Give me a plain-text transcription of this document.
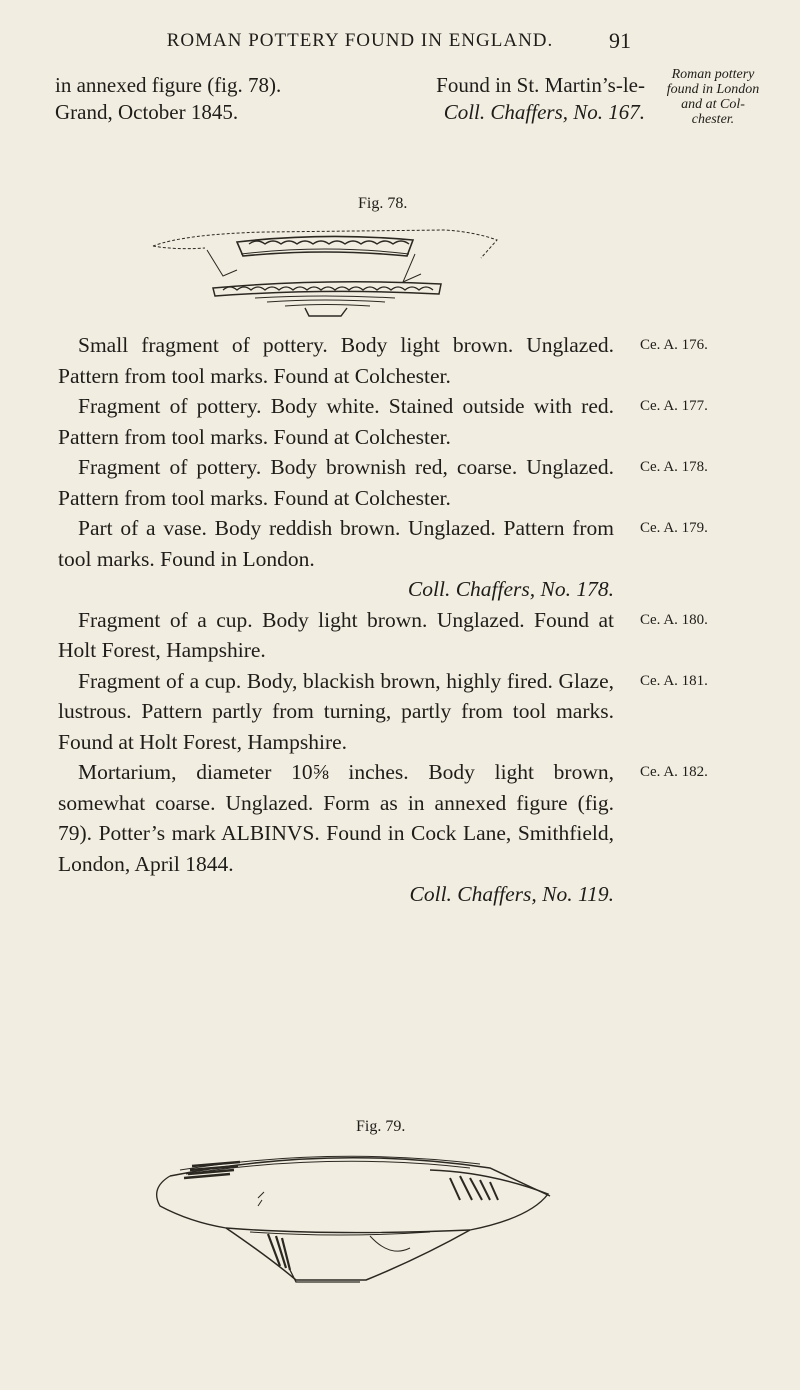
ROMAN POTTERY FOUND IN ENGLAND.	91
in annexed figure (fig. 78).	Found in St. Martin’s-le-
Grand, October 1845.	Coll. Chaffers, No. 167.
Roman pottery
found in London
and at Col-
chester.
Fig. 78.
Small fragment of pottery. Body light brown. Unglazed. Pattern from tool marks. Found at Colchester.
Ce. A. 176.
Fragment of pottery. Body white. Stained outside with red. Pattern from tool marks. Found at Colchester.
Ce. A. 177.
Fragment of pottery. Body brownish red, coarse. Unglazed. Pattern from tool marks. Found at Colchester.
Ce. A. 178.
Part of a vase. Body reddish brown. Unglazed. Pattern from tool marks. Found in London.
Coll. Chaffers, No. 178.
Ce. A. 179.
Fragment of a cup. Body light brown. Unglazed. Found at Holt Forest, Hampshire.
Ce. A. 180.
Fragment of a cup. Body, blackish brown, highly fired. Glaze, lustrous. Pattern partly from turning, partly from tool marks. Found at Holt Forest, Hampshire.
Ce. A. 181.
Mortarium, diameter 10⅝ inches. Body light brown, somewhat coarse. Unglazed. Form as in annexed figure (fig. 79). Potter’s mark ALBINVS. Found in Cock Lane, Smithfield, London, April 1844.
Coll. Chaffers, No. 119.
Ce. A. 182.
Fig. 79.
